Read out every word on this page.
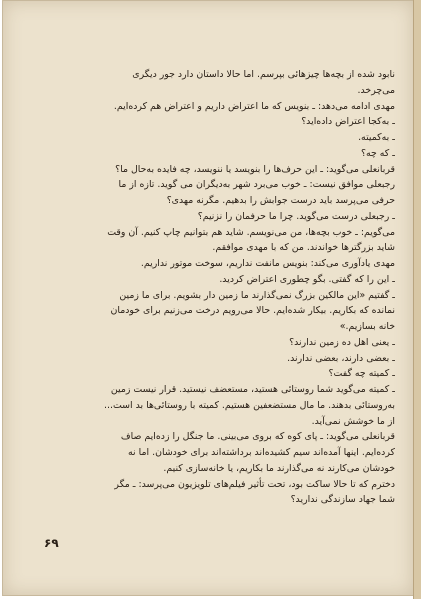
نابود شده از بچه‌ها چیزهائی بپرسم. اما حالا داستان دارد جور دیگری

می‌چرخد.

مهدی ادامه می‌دهد: ـ بنویس که ما اعتراض داریم و اعتراض هم کرده‌ایم.

ـ به‌کجا اعتراض داده‌اید؟

ـ به‌کمیته.

ـ که چه؟

قربانعلی می‌گوید: ـ این حرف‌ها را بنویسد یا ننویسد، چه فایده به‌حال ما؟

رجبعلی موافق نیست: ـ خوب می‌برد شهر به‌دیگران می گوید. تازه از ما

حرفی می‌پرسد باید درست جوابش را بدهیم. مگرنه مهدی؟

ـ رجبعلی درست می‌گوید. چرا ما حرفمان را نزنیم؟

می‌گویم: ـ خوب بچه‌ها، من می‌نویسم. شاید هم بتوانیم چاپ کنیم. آن وقت

شاید بزرگترها خواندند. من که با مهدی موافقم.

مهدی یادآوری می‌کند: بنویس مانفت نداریم، سوخت موتور نداریم.

ـ این را که گفتی. بگو چطوری اعتراض کردید.

ـ گفتیم «این مالکین بزرگ نمی‌گذارند ما زمین دار بشویم. برای ما زمین

نمانده که بکاریم. بیکار شده‌ایم. حالا می‌رویم درخت می‌زنیم برای خودمان

خانه بسازیم.»

ـ یعنی اهل ده زمین ندارند؟

ـ بعضی دارند، بعضی ندارند.

ـ کمیته چه گفت؟

ـ کمیته می‌گوید شما روستائی هستید، مستعضف نیستید. قرار نیست زمین

به‌روستائی بدهند. ما مال مستضعفین هستیم. کمیته با روستائی‌ها بد است...

از ما خوشش نمی‌آید.

قربانعلی می‌گوید: ـ پای کوه که بروی می‌بینی. ما جنگل را زده‌ایم صاف

کرده‌ایم. اینها آمده‌اند سیم کشیده‌اند برداشته‌اند برای خودشان. اما نه

خودشان می‌کارند نه می‌گذارند ما بکاریم، یا خانه‌سازی کنیم.

دخترم که تا حالا ساکت بود، تحت تأثیر فیلم‌های تلویزیون می‌پرسد: ـ مگر

شما جهاد سازندگی ندارید؟

۶۹
